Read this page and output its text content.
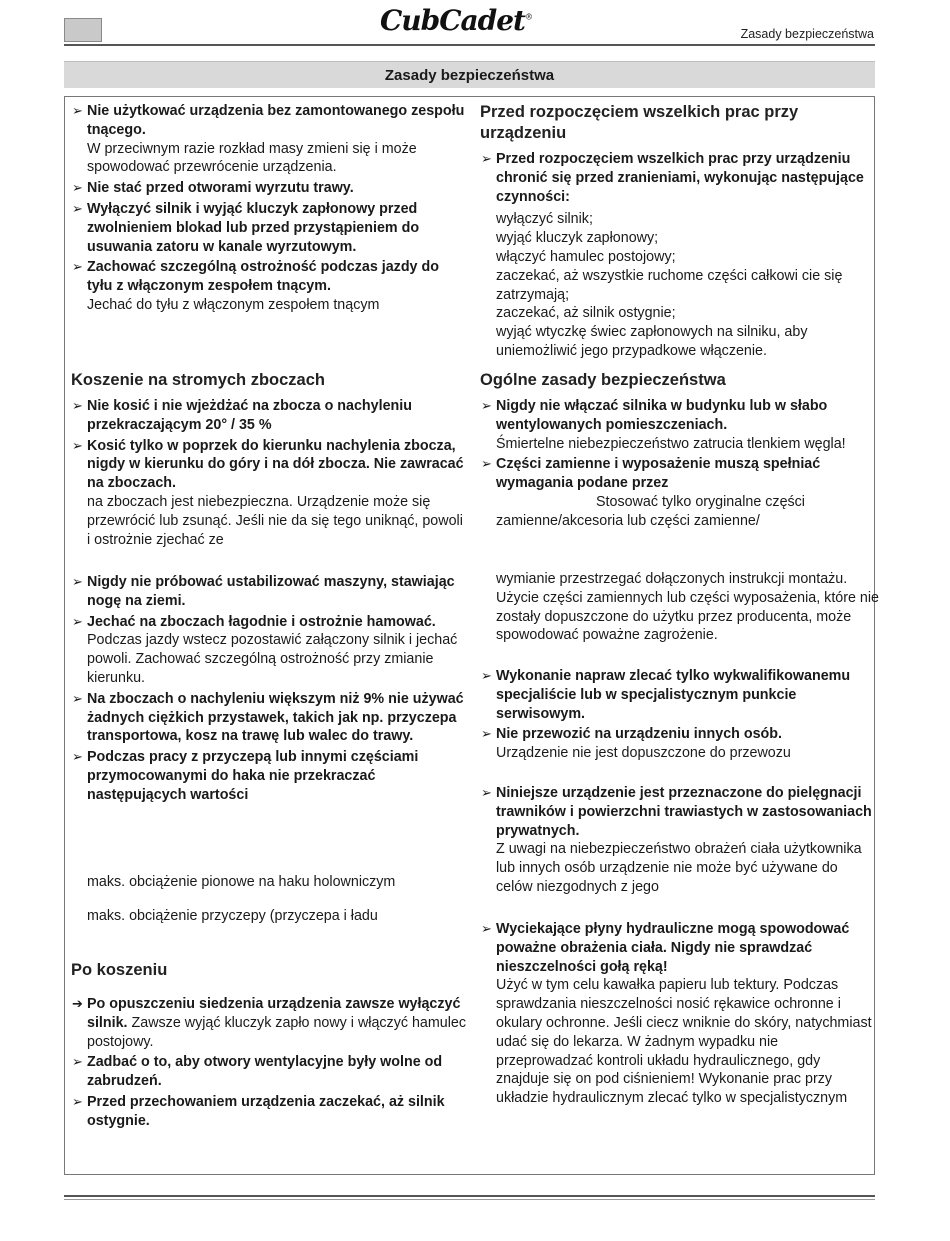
CubCadet®
Zasady bezpieczeństwa
Zasady bezpieczeństwa
➢ Nie użytkować urządzenia bez zamontowanego zespołu tnącego.
W przeciwnym razie rozkład masy zmieni się i może spowodować przewrócenie urządzenia.
➢ Nie stać przed otworami wyrzutu trawy.
➢ Wyłączyć silnik i wyjąć kluczyk zapłonowy przed zwolnieniem blokad lub przed przystąpieniem do usuwania zatoru w kanale wyrzutowym.
➢ Zachować szczególną ostrożność podczas jazdy do tyłu z włączonym zespołem tnącym.
Jechać do tyłu z włączonym zespołem tnącym
Koszenie na stromych zboczach
➢ Nie kosić i nie wjeżdżać na zbocza o nachyleniu przekraczającym 20° / 35 %
➢ Kosić tylko w poprzek do kierunku nachylenia zbocza, nigdy w kierunku do góry i na dół zbocza. Nie zawracać na zboczach.
na zboczach jest niebezpieczna. Urządzenie może się przewrócić lub zsunąć. Jeśli nie da się tego uniknąć, powoli i ostrożnie zjechać ze
➢ Nigdy nie próbować ustabilizować maszyny, stawiając nogę na ziemi.
➢ Jechać na zboczach łagodnie i ostrożnie hamować. Podczas jazdy wstecz pozostawić załączony silnik i jechać powoli. Zachować szczególną ostrożność przy zmianie kierunku.
➢ Na zboczach o nachyleniu większym niż 9% nie używać żadnych ciężkich przystawek, takich jak np. przyczepa transportowa, kosz na trawę lub walec do trawy.
➢ Podczas pracy z przyczepą lub innymi częściami przymocowanymi do haka nie przekraczać następujących wartości
maks. obciążenie pionowe na haku holowniczym
maks. obciążenie przyczepy (przyczepa i ładu
Po koszeniu
➔ Po opuszczeniu siedzenia urządzenia zawsze wyłączyć silnik. Zawsze wyjąć kluczyk zapło nowy i włączyć hamulec postojowy.
➢ Zadbać o to, aby otwory wentylacyjne były wolne od zabrudzeń.
➢ Przed przechowaniem urządzenia zaczekać, aż silnik ostygnie.
Przed rozpoczęciem wszelkich prac przy urządzeniu
➢ Przed rozpoczęciem wszelkich prac przy urządzeniu chronić się przed zranieniami, wykonując następujące czynności:
wyłączyć silnik;
wyjąć kluczyk zapłonowy;
włączyć hamulec postojowy;
zaczekać, aż wszystkie ruchome części całkowi cie się zatrzymają;
zaczekać, aż silnik ostygnie;
wyjąć wtyczkę świec zapłonowych na silniku, aby uniemożliwić jego przypadkowe włączenie.
Ogólne zasady bezpieczeństwa
➢ Nigdy nie włączać silnika w budynku lub w słabo wentylowanych pomieszczeniach.
Śmiertelne niebezpieczeństwo zatrucia tlenkiem węgla!
➢ Części zamienne i wyposażenie muszą spełniać wymagania podane przez
Stosować tylko oryginalne części zamienne/akcesoria lub części zamienne/
wymianie przestrzegać dołączonych instrukcji montażu. Użycie części zamiennych lub części wyposażenia, które nie zostały dopuszczone do użytku przez producenta, może spowodować poważne zagrożenie.
➢ Wykonanie napraw zlecać tylko wykwalifikowanemu specjaliście lub w specjalistycznym punkcie serwisowym.
➢ Nie przewozić na urządzeniu innych osób.
Urządzenie nie jest dopuszczone do przewozu
➢ Niniejsze urządzenie jest przeznaczone do pielęgnacji trawników i powierzchni trawiastych w zastosowaniach prywatnych.
Z uwagi na niebezpieczeństwo obrażeń ciała użytkownika lub innych osób urządzenie nie może być używane do celów niezgodnych z jego
➢ Wyciekające płyny hydrauliczne mogą spowodować poważne obrażenia ciała. Nigdy nie sprawdzać nieszczelności gołą ręką!
Użyć w tym celu kawałka papieru lub tektury. Podczas sprawdzania nieszczelności nosić rękawice ochronne i okulary ochronne. Jeśli ciecz wniknie do skóry, natychmiast udać się do lekarza. W żadnym wypadku nie przeprowadzać kontroli układu hydraulicznego, gdy znajduje się on pod ciśnieniem! Wykonanie prac przy układzie hydraulicznym zlecać tylko w specjalistycznym
